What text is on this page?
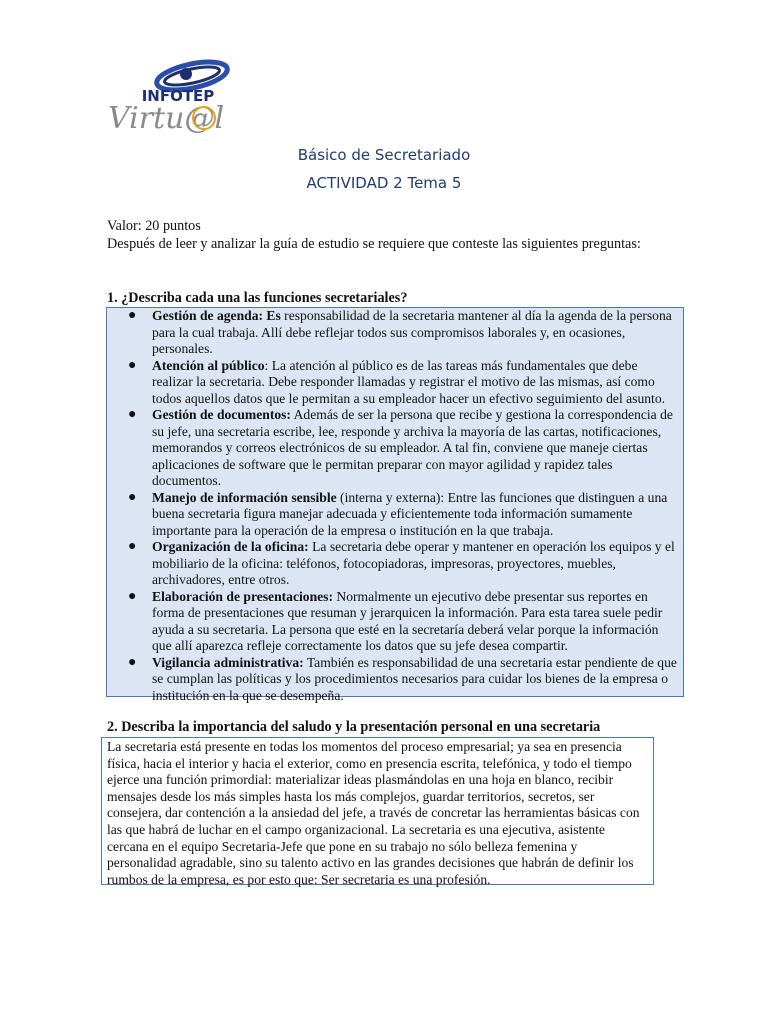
INFOTEP
Virtu@l
Básico de Secretariado
ACTIVIDAD 2 Tema 5
Valor: 20 puntos
Después de leer y analizar la guía de estudio se requiere que conteste las siguientes preguntas:
1. ¿Describa cada una las funciones secretariales?
● Gestión de agenda: Es responsabilidad de la secretaria mantener al día la agenda de la persona para la cual trabaja. Allí debe reflejar todos sus compromisos laborales y, en ocasiones, personales.
● Atención al público: La atención al público es de las tareas más fundamentales que debe realizar la secretaria. Debe responder llamadas y registrar el motivo de las mismas, así como todos aquellos datos que le permitan a su empleador hacer un efectivo seguimiento del asunto.
● Gestión de documentos: Además de ser la persona que recibe y gestiona la correspondencia de su jefe, una secretaria escribe, lee, responde y archiva la mayoría de las cartas, notificaciones, memorandos y correos electrónicos de su empleador. A tal fin, conviene que maneje ciertas aplicaciones de software que le permitan preparar con mayor agilidad y rapidez tales documentos.
● Manejo de información sensible (interna y externa): Entre las funciones que distinguen a una buena secretaria figura manejar adecuada y eficientemente toda información sumamente importante para la operación de la empresa o institución en la que trabaja.
● Organización de la oficina: La secretaria debe operar y mantener en operación los equipos y el mobiliario de la oficina: teléfonos, fotocopiadoras, impresoras, proyectores, muebles, archivadores, entre otros.
● Elaboración de presentaciones: Normalmente un ejecutivo debe presentar sus reportes en forma de presentaciones que resuman y jerarquicen la información. Para esta tarea suele pedir ayuda a su secretaria. La persona que esté en la secretaría deberá velar porque la información que allí aparezca refleje correctamente los datos que su jefe desea compartir.
● Vigilancia administrativa: También es responsabilidad de una secretaria estar pendiente de que se cumplan las políticas y los procedimientos necesarios para cuidar los bienes de la empresa o institución en la que se desempeña.
2. Describa la importancia del saludo y la presentación personal en una secretaria
La secretaria está presente en todas los momentos del proceso empresarial; ya sea en presencia física, hacia el interior y hacia el exterior, como en presencia escrita, telefónica, y todo el tiempo ejerce una función primordial: materializar ideas plasmándolas en una hoja en blanco, recibir mensajes desde los más simples hasta los más complejos, guardar territorios, secretos, ser consejera, dar contención a la ansiedad del jefe, a través de concretar las herramientas básicas con las que habrá de luchar en el campo organizacional. La secretaria es una ejecutiva, asistente cercana en el equipo Secretaria-Jefe que pone en su trabajo no sólo belleza femenina y personalidad agradable, sino su talento activo en las grandes decisiones que habrán de definir los rumbos de la empresa, es por esto que: Ser secretaria es una profesión.
